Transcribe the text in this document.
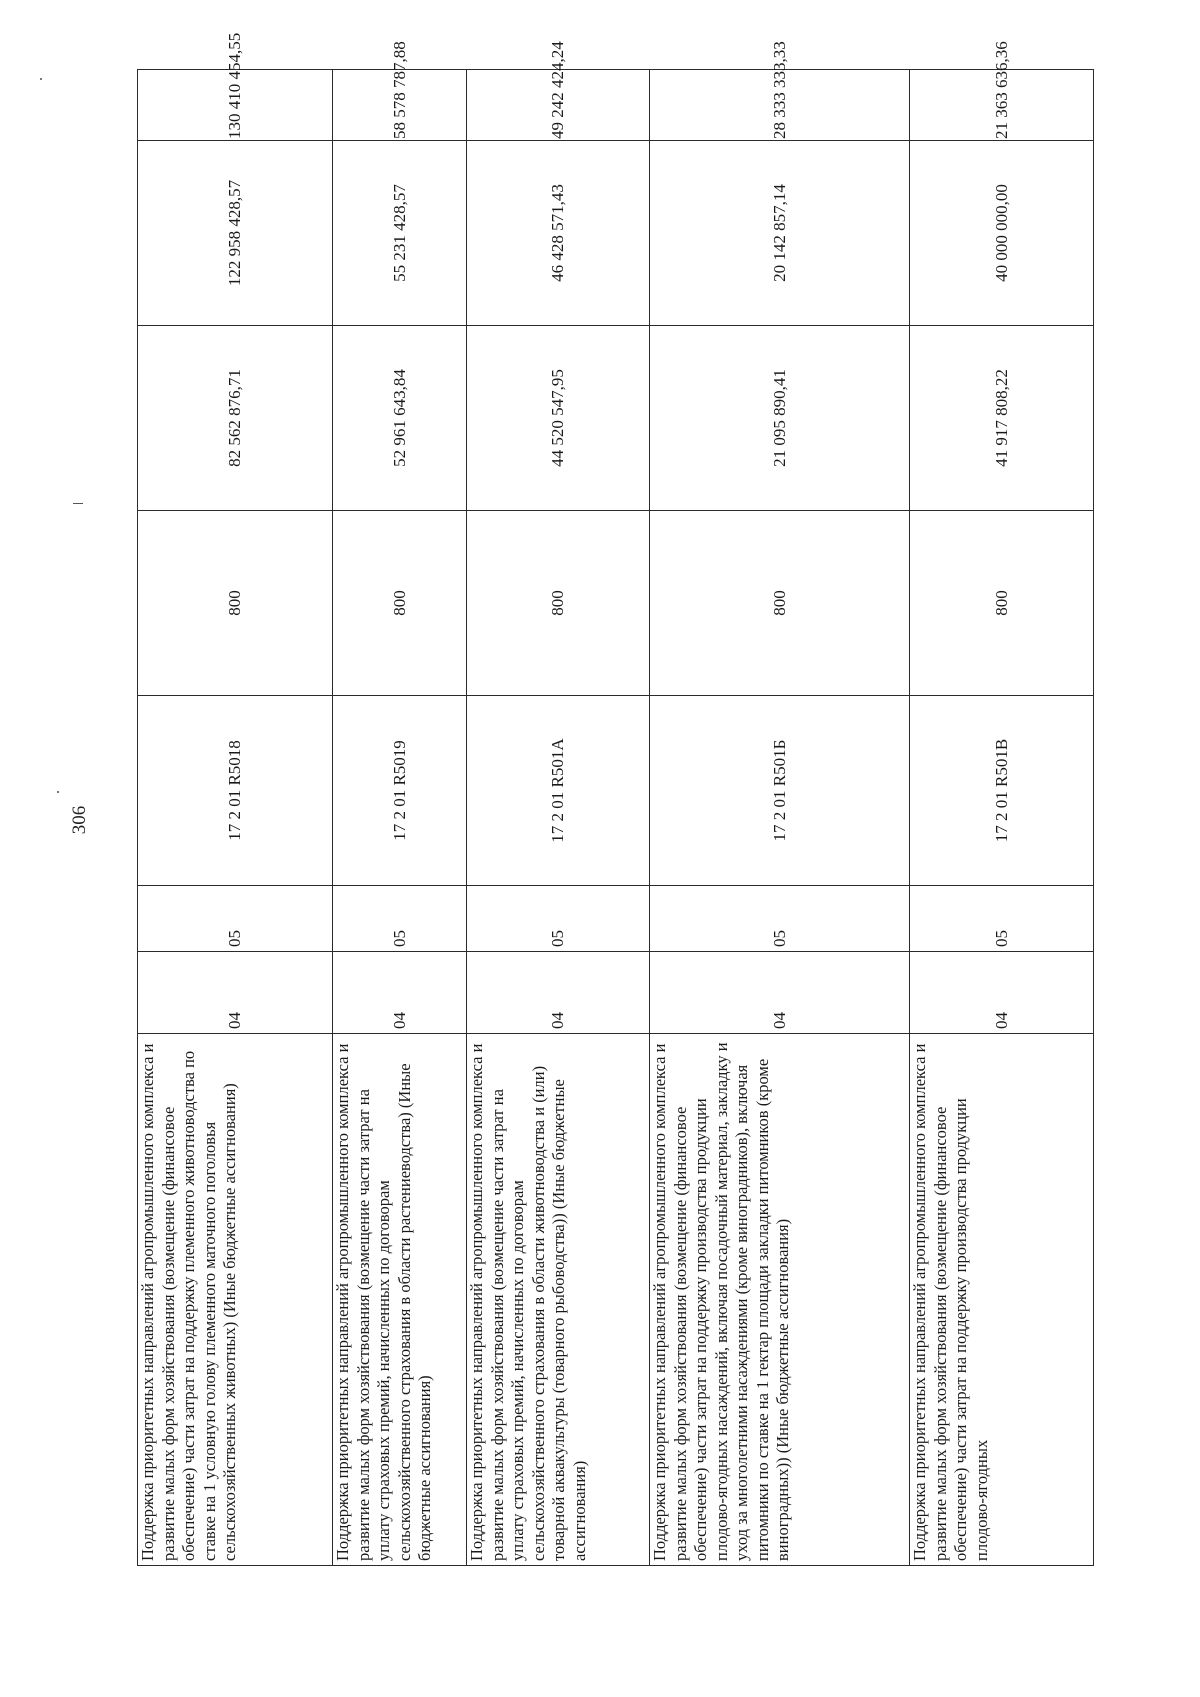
306
Поддержка приоритетных направлений агропромышленного комплекса и развитие малых форм хозяйствования (возмещение (финансовое обеспечение) части затрат на поддержку племенного животноводства по ставке на 1 условную голову племенного маточного поголовья сельскохозяйственных животных) (Иные бюджетные ассигнования)	04	05	17 2 01 R5018	800	82 562 876,71	122 958 428,57	130 410 454,55
Поддержка приоритетных направлений агропромышленного комплекса и развитие малых форм хозяйствования (возмещение части затрат на уплату страховых премий, начисленных по договорам сельскохозяйственного страхования в области растениеводства) (Иные бюджетные ассигнования)	04	05	17 2 01 R5019	800	52 961 643,84	55 231 428,57	58 578 787,88
Поддержка приоритетных направлений агропромышленного комплекса и развитие малых форм хозяйствования (возмещение части затрат на уплату страховых премий, начисленных по договорам сельскохозяйственного страхования в области животноводства и (или) товарной аквакультуры (товарного рыбоводства)) (Иные бюджетные ассигнования)	04	05	17 2 01 R501A	800	44 520 547,95	46 428 571,43	49 242 424,24
Поддержка приоритетных направлений агропромышленного комплекса и развитие малых форм хозяйствования (возмещение (финансовое обеспечение) части затрат на поддержку производства продукции плодово-ягодных насаждений, включая посадочный материал, закладку и уход за многолетними насаждениями (кроме виноградников), включая питомники по ставке на 1 гектар площади закладки питомников (кроме виноградных)) (Иные бюджетные ассигнования)	04	05	17 2 01 R501Б	800	21 095 890,41	20 142 857,14	28 333 333,33
Поддержка приоритетных направлений агропромышленного комплекса и развитие малых форм хозяйствования (возмещение (финансовое обеспечение) части затрат на поддержку производства продукции плодово-ягодных	04	05	17 2 01 R501В	800	41 917 808,22	40 000 000,00	21 363 636,36
